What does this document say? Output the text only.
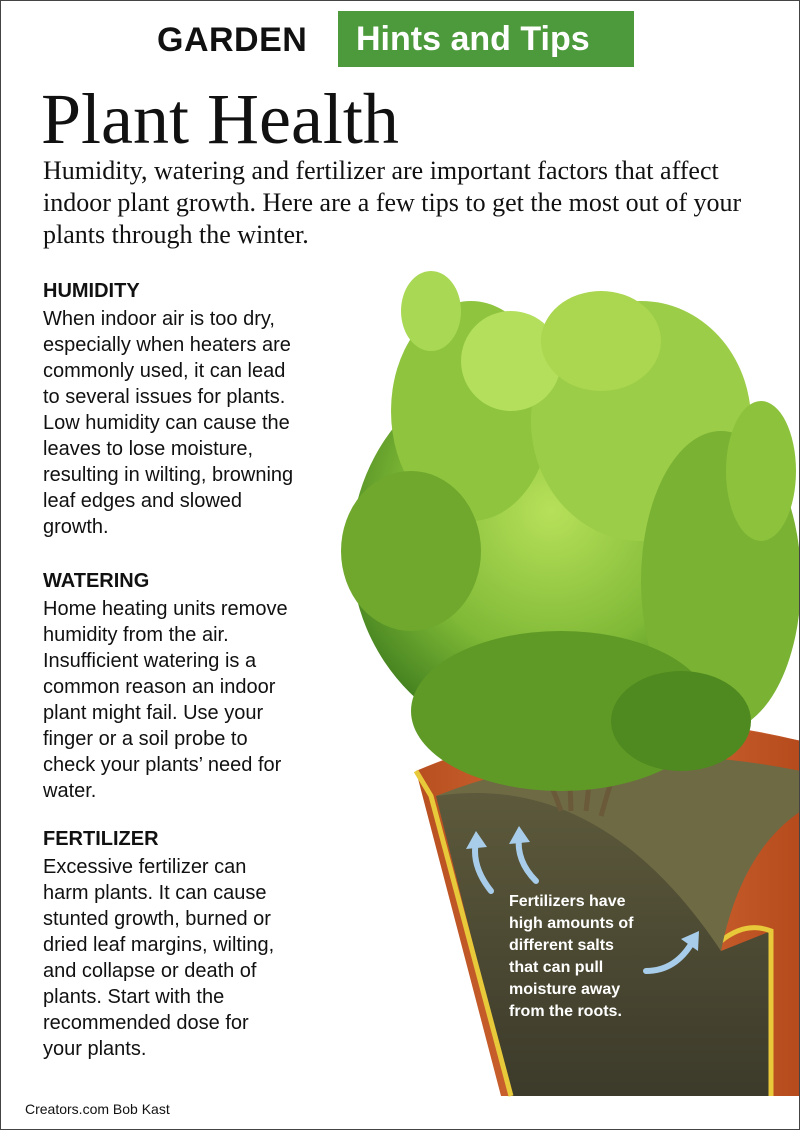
GARDEN Hints and Tips
Plant Health
Humidity, watering and fertilizer are important factors that affect indoor plant growth. Here are a few tips to get the most out of your plants through the winter.
Fertilizers have
high amounts of
different salts
that can pull
moisture away
from the roots.
HUMIDITY
When indoor air is too dry,
especially when heaters are
commonly used, it can lead
to several issues for plants.
Low humidity can cause the
leaves to lose moisture,
resulting in wilting, browning
leaf edges and slowed
growth.
WATERING
Home heating units remove
humidity from the air.
Insufficient watering is a
common reason an indoor
plant might fail. Use your
finger or a soil probe to
check your plants’ need for
water.
FERTILIZER
Excessive fertilizer can
harm plants. It can cause
stunted growth, burned or
dried leaf margins, wilting,
and collapse or death of
plants. Start with the
recommended dose for
your plants.
Creators.com Bob Kast
